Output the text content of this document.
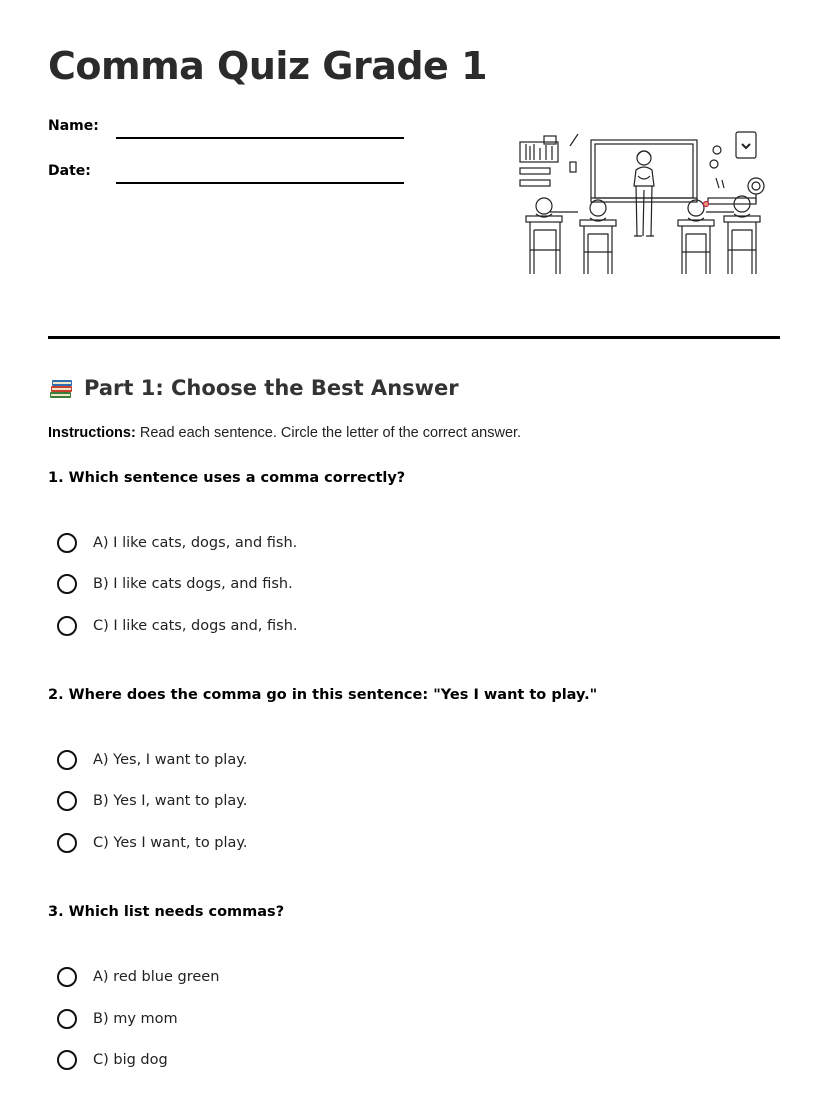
Comma Quiz Grade 1
Name:
Date:
Part 1: Choose the Best Answer
Instructions: Read each sentence. Circle the letter of the correct answer.

1. Which sentence uses a comma correctly?

A) I like cats, dogs, and fish.
B) I like cats dogs, and fish.
C) I like cats, dogs and, fish.

2. Where does the comma go in this sentence: "Yes I want to play."

A) Yes, I want to play.
B) Yes I, want to play.
C) Yes I want, to play.

3. Which list needs commas?

A) red blue green
B) my mom
C) big dog
